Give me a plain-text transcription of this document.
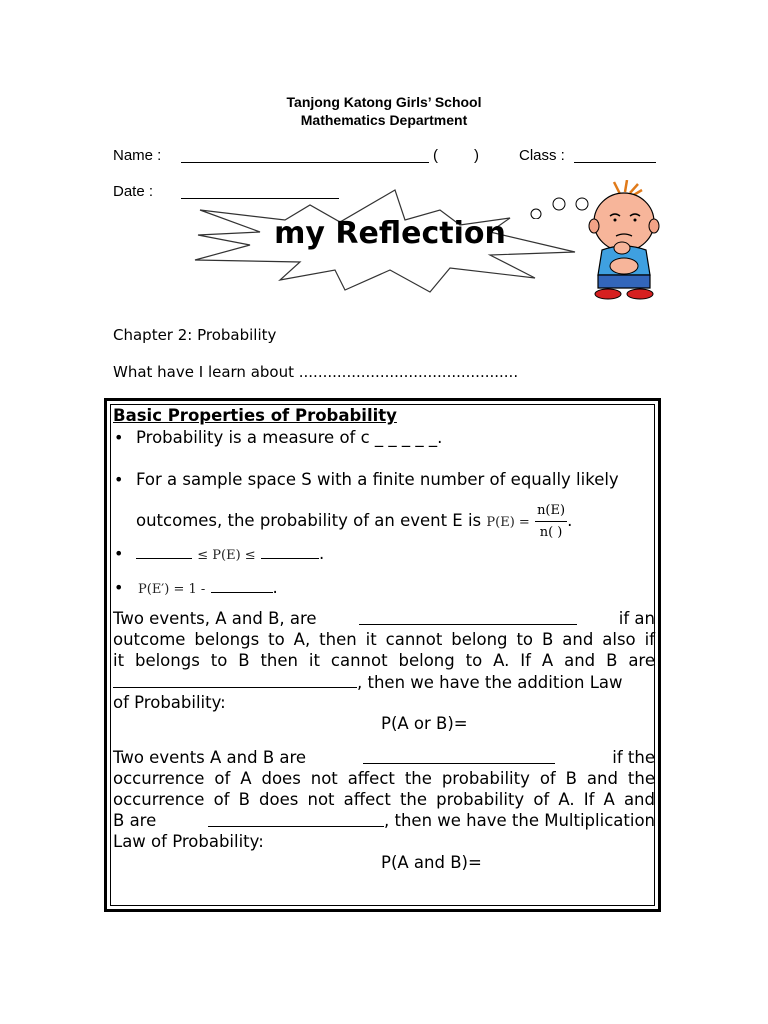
Tanjong Katong Girls’ School
Mathematics Department
Name :	( )	Class :
Date :
my Reflection
Chapter 2: Probability
What have I learn about ..............................................
Basic Properties of Probability
• Probability is a measure of c _ _ _ _ _.
• For a sample space S with a finite number of equally likely
outcomes, the probability of an event E is $P(E) = \frac{n(E)}{n( )}$ .
•	≤ P(E) ≤	.
• P(E′) = 1 -	.
Two events, A and B, are	if an
outcome belongs to A, then it cannot belong to B and also if
it belongs to B then it cannot belong to A. If A and B are
, then we have the addition Law
of Probability:
P(A or B)=
Two events A and B are	if the
occurrence of A does not affect the probability of B and the
occurrence of B does not affect the probability of A. If A and
B are	, then we have the Multiplication
Law of Probability:
P(A and B)=
